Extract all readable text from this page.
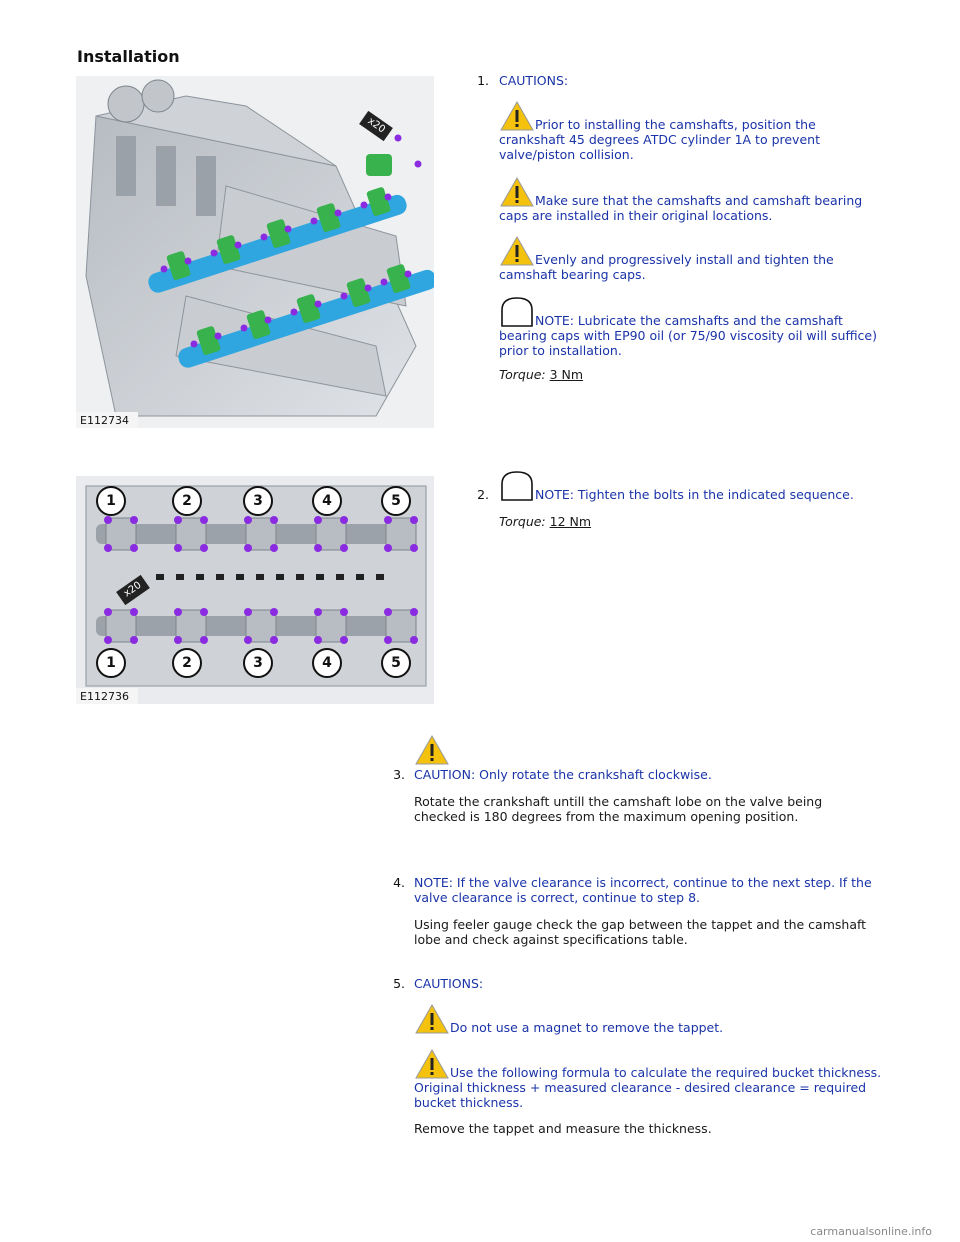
Installation
E112734
x20
1. CAUTIONS:
Prior to installing the camshafts, position the crankshaft 45 degrees ATDC cylinder 1A to prevent valve/piston collision.
Make sure that the camshafts and camshaft bearing caps are installed in their original locations.
Evenly and progressively install and tighten the camshaft bearing caps.
NOTE: Lubricate the camshafts and the camshaft bearing caps with EP90 oil (or 75/90 viscosity oil will suffice) prior to installation.
Torque: 3 Nm
x20
1	2	3	4	5
1	2	3	4	5
E112736
2.	NOTE: Tighten the bolts in the indicated sequence.
Torque: 12 Nm
3. CAUTION: Only rotate the crankshaft clockwise.
Rotate the crankshaft untill the camshaft lobe on the valve being checked is 180 degrees from the maximum opening position.
4. NOTE: If the valve clearance is incorrect, continue to the next step. If the valve clearance is correct, continue to step 8.
Using feeler gauge check the gap between the tappet and the camshaft lobe and check against specifications table.
5. CAUTIONS:
Do not use a magnet to remove the tappet.
Use the following formula to calculate the required bucket thickness. Original thickness + measured clearance - desired clearance = required bucket thickness.
Remove the tappet and measure the thickness.
carmanualsonline.info
